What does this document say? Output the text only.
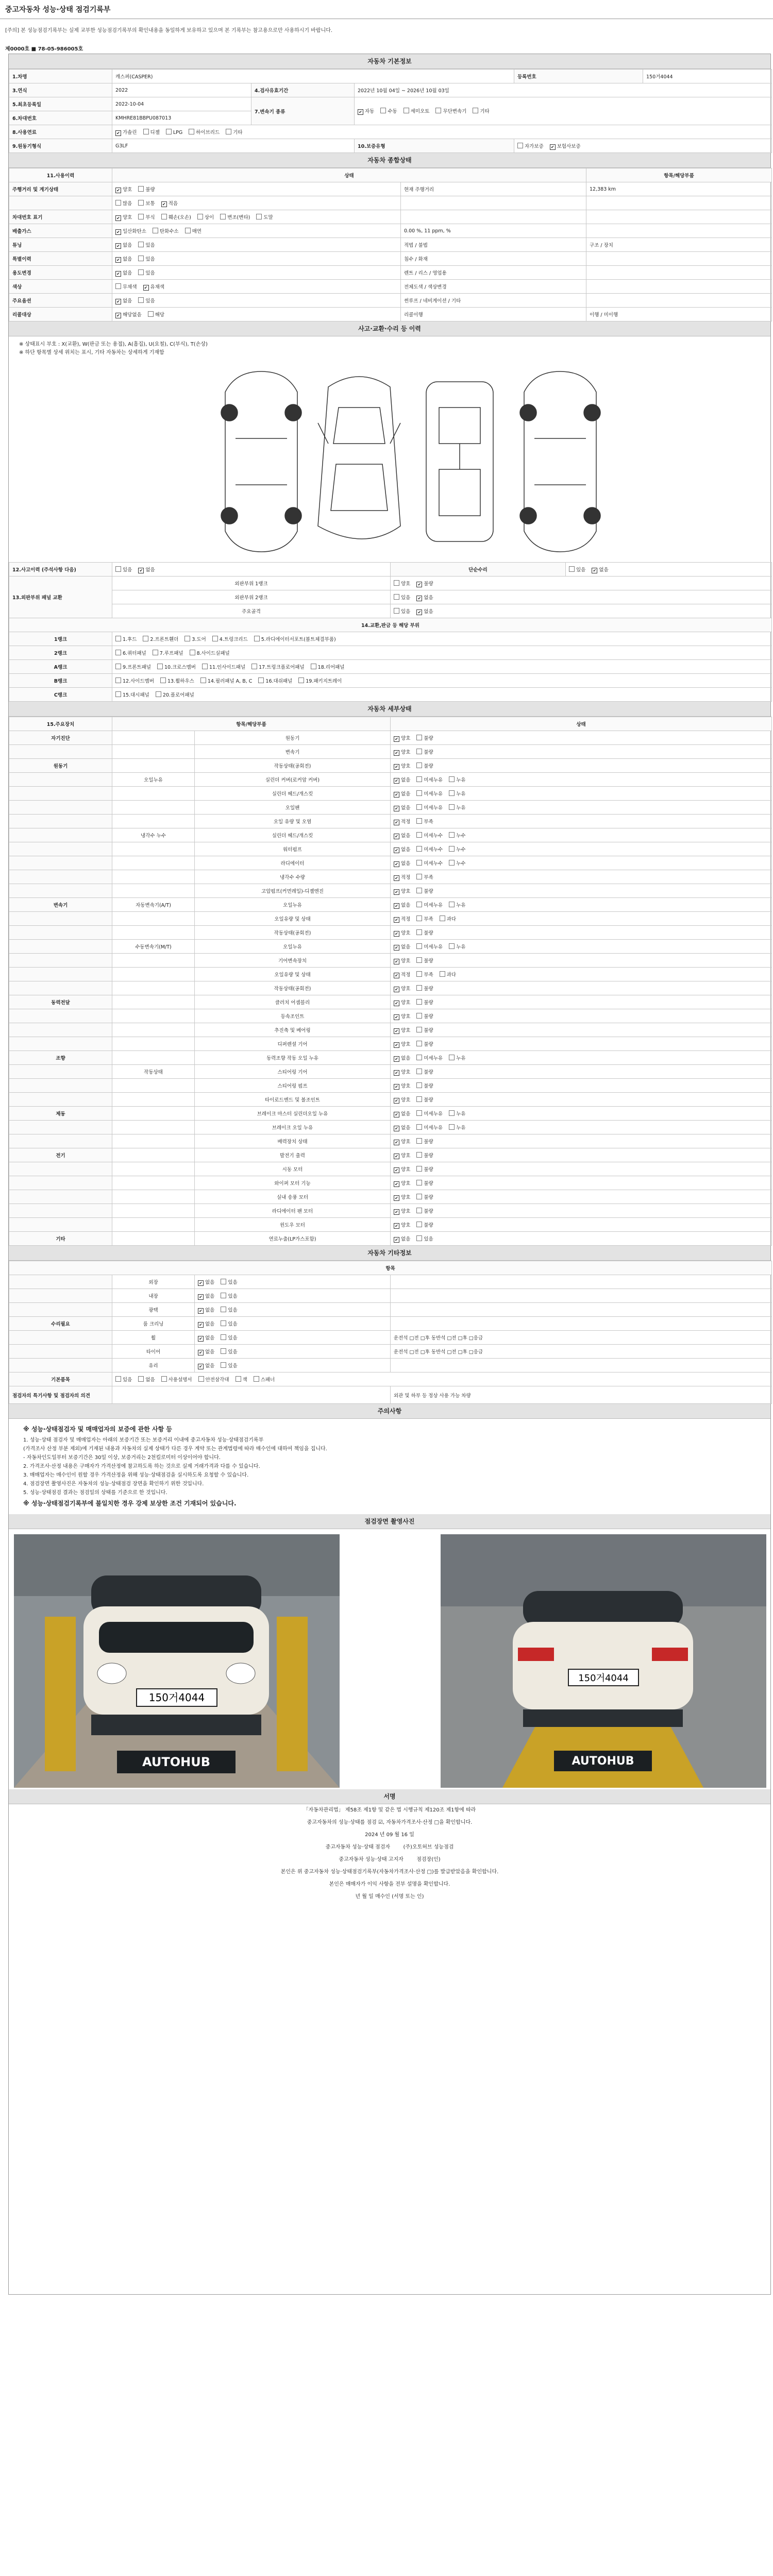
중고자동차 성능·상태 점검기록부
[주의] 본 성능점검기록부는 실제 교부한 성능점검기록부의 확인내용을 동일하게 보유하고 있으며 본 기록부는 참고용으로만 사용하시기 바랍니다.
제0000호 ■ 78-05-986005호
자동차 기본정보
1.차명	캐스퍼(CASPER)			등록번호	150거4044
3.연식	2022	4.검사유효기간	2022년 10월 04일 ~ 2026년 10월 03일		
5.최초등록일	2022-10-04	7.변속기 종류	✔ 자동 수동 세미오토 무단변속기 기타		
6.차대번호	KMHRE81BBPU087013				
8.사용연료	✔ 가솔린 디젤 LPG 하이브리드 기타				
9.원동기형식	G3LF		10.보증유형	자가보증 ✔ 보험사보증	
자동차 종합상태
11.사용이력	상태		항목/해당부품
주행거리 및 계기상태	✔ 양호 불량	현재 주행거리	12,383 km
	많음 보통 ✔ 적음		
차대번호 표기	✔ 양호 부식 훼손(오손) 상이 변조(변타) 도말		
배출가스	✔ 일산화탄소 탄화수소 매연	0.00 %, 11 ppm, %	
튜닝	✔ 없음 있음	적법 / 불법	구조 / 장치
특별이력	✔ 없음 있음	침수 / 화재	
용도변경	✔ 없음 있음	렌트 / 리스 / 영업용	
색상	무채색 ✔ 유채색	전체도색 / 색상변경	
주요옵션	✔ 없음 있음	썬루프 / 네비게이션 / 기타	
리콜대상	✔ 해당없음 해당	리콜이행	이행 / 미이행
사고·교환·수리 등 이력
※ 상태표시 부호 : X(교환), W(판금 또는 용접), A(흠집), U(요철), C(부식), T(손상)
※ 하단 항목별 상세 위치는 표시, 기타 자동차는 상세하게 기재함
12.사고이력 (주석사항 다음)	있음 ✔ 없음	단순수리	있음 ✔ 없음
13.외판부위 패널 교환	외판부위 1랭크	양호 ✔ 불량	
	외판부위 2랭크	있음 ✔ 없음	
	주요골격	있음 ✔ 없음	
14.교환,판금 등 해당 부위			
1랭크	1.후드 2.프론트휀더 3.도어 4.트렁크리드 5.라디에이터서포트(볼트체결부품)		
2랭크	6.쿼터패널 7.루프패널 8.사이드실패널		
A랭크	9.프론트패널 10.크로스멤버 11.인사이드패널 17.트렁크플로어패널 18.리어패널		
B랭크	12.사이드멤버 13.휠하우스 14.필러패널 A, B, C 16.대쉬패널 19.패키지트레이		
C랭크	15.대시패널 20.플로어패널		
자동차 세부상태
15.주요장치	항목/해당부품		상태
자기진단		원동기	✔ 양호 불량
		변속기	✔ 양호 불량
원동기		작동상태(공회전)	✔ 양호 불량
	오일누유	실린더 커버(로커암 커버)	✔ 없음 미세누유 누유
		실린더 헤드/개스킷	✔ 없음 미세누유 누유
		오일팬	✔ 없음 미세누유 누유
		오일 유량 및 오염	✔ 적정 부족
	냉각수 누수	실린더 헤드/개스킷	✔ 없음 미세누수 누수
		워터펌프	✔ 없음 미세누수 누수
		라디에이터	✔ 없음 미세누수 누수
		냉각수 수량	✔ 적정 부족
		고압펌프(커먼레일)-디젤엔진	✔ 양호 불량
변속기	자동변속기(A/T)	오일누유	✔ 없음 미세누유 누유
		오일유량 및 상태	✔ 적정 부족 과다
		작동상태(공회전)	✔ 양호 불량
	수동변속기(M/T)	오일누유	✔ 없음 미세누유 누유
		기어변속장치	✔ 양호 불량
		오일유량 및 상태	✔ 적정 부족 과다
		작동상태(공회전)	✔ 양호 불량
동력전달		클러치 어셈블리	✔ 양호 불량
		등속조인트	✔ 양호 불량
		추진축 및 베어링	✔ 양호 불량
		디퍼렌셜 기어	✔ 양호 불량
조향		동력조향 작동 오일 누유	✔ 없음 미세누유 누유
	작동상태	스티어링 기어	✔ 양호 불량
		스티어링 펌프	✔ 양호 불량
		타이로드엔드 및 볼조인트	✔ 양호 불량
제동		브레이크 마스터 실린더오일 누유	✔ 없음 미세누유 누유
		브레이크 오일 누유	✔ 없음 미세누유 누유
		배력장치 상태	✔ 양호 불량
전기		발전기 출력	✔ 양호 불량
		시동 모터	✔ 양호 불량
		와이퍼 모터 기능	✔ 양호 불량
		실내 송풍 모터	✔ 양호 불량
		라디에이터 팬 모터	✔ 양호 불량
		윈도우 모터	✔ 양호 불량
기타		연료누출(LP가스포함)	✔ 없음 있음
자동차 기타정보
항목			
	외장	✔ 없음 있음	
	내장	✔ 없음 있음	
	광택	✔ 없음 있음	
수리필요	룸 크리닝	✔ 없음 있음	
	휠	✔ 없음 있음	운전석 □전 □후 동반석 □전 □후 □응급
	타이어	✔ 없음 있음	운전석 □전 □후 동반석 □전 □후 □응급
	유리	✔ 없음 있음	
기본품목	있음 없음 사용설명서 안전삼각대 잭 스패너		
점검자의 특기사항 및 점검자의 의견			외관 및 하부 등 정상 사용 가능 차량
주의사항
※ 성능·상태점검자 및 매매업자의 보증에 관한 사항 등
1. 성능·상태 점검자 및 매매업자는 아래의 보증기간 또는 보증거리 이내에 중고자동차 성능·상태점검기록부
(가격조사 산정 부분 제외)에 기재된 내용과 자동차의 실제 상태가 다른 경우 계약 또는 관계법령에 따라 매수인에 대하여 책임을 집니다.
- 자동차인도일부터 보증기간은 30일 이상, 보증거리는 2천킬로미터 이상이어야 합니다.
2. 가격조사·산정 내용은 구매자가 가격산정에 참고하도록 하는 것으로 실제 거래가격과 다를 수 있습니다.
3. 매매업자는 매수인이 원할 경우 가격산정을 위해 성능·상태점검을 실시하도록 요청할 수 있습니다.
4. 점검장면 촬영사진은 자동차의 성능·상태점검 장면을 확인하기 위한 것입니다.
5. 성능·상태점검 결과는 점검일의 상태를 기준으로 한 것입니다.
※ 성능·상태점검기록부에 불일치한 경우 강제 보상한 조건 기재되어 있습니다.
점검장면 촬영사진
150거4044
AUTOHUB
150거4044
AUTOHUB
서명
「자동차관리법」 제58조 제1항 및 같은 법 시행규칙 제120조 제1항에 따라
중고자동차의 성능·상태를 점검 ☑, 자동차가격조사·산정 □을 확인합니다.
2024 년 09 월 16 일
중고자동차 성능·상태 점검자	(주)오토허브 성능점검
중고자동차 성능·상태 고지자	점검장(인)
본인은 위 중고자동차 성능·상태점검기록부(자동차가격조사·산정 □)를 발급받았음을 확인합니다.
본인은 매매자가 이익 사항을 전부 설명을 확인합니다.
년 월 일 매수인 (서명 또는 인)
